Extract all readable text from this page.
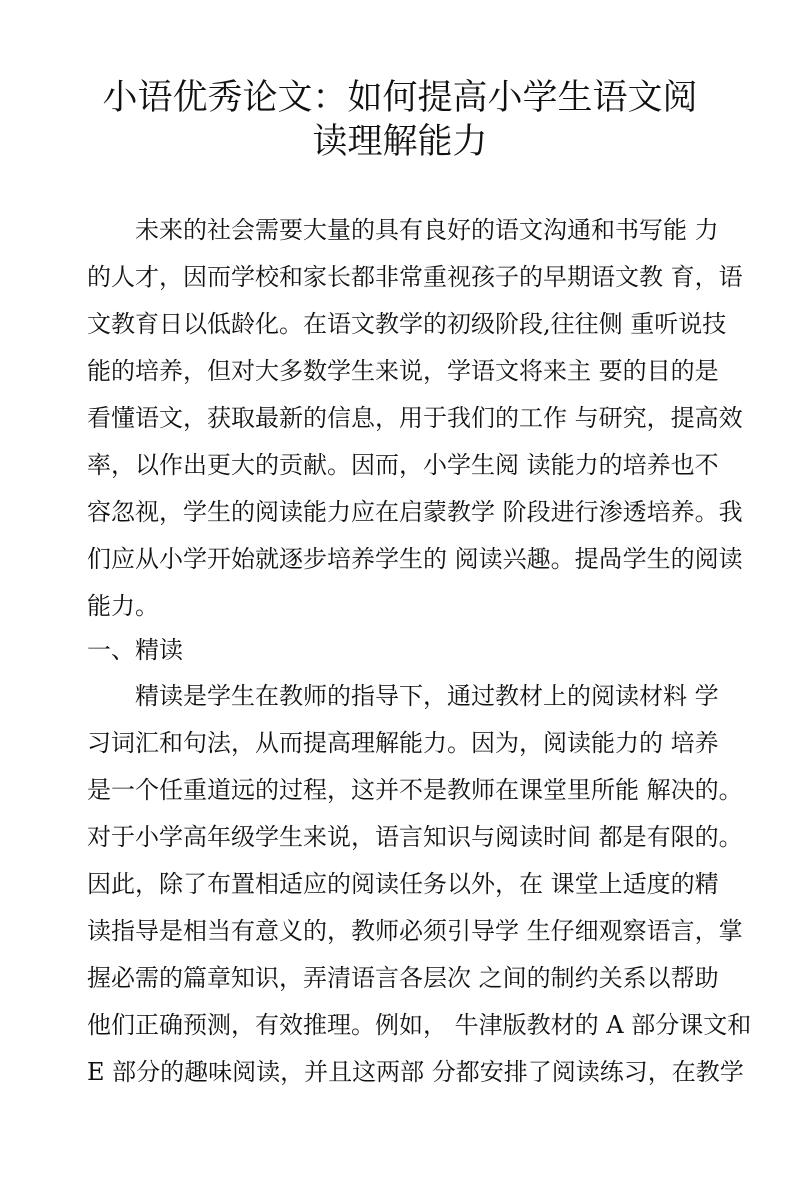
小语优秀论文：如何提高小学生语文阅
读理解能力

未来的社会需要大量的具有良好的语文沟通和书写能 力

的人才，因而学校和家长都非常重视孩子的早期语文教 育，语

文教育日以低龄化。在语文教学的初级阶段,往往侧 重听说技

能的培养，但对大多数学生来说，学语文将来主 要的目的是

看懂语文，获取最新的信息，用于我们的工作 与研究，提高效

率，以作出更大的贡献。因而，小学生阅 读能力的培养也不

容忽视，学生的阅读能力应在启蒙教学 阶段进行渗透培养。我

们应从小学开始就逐步培养学生的 阅读兴趣。提咼学生的阅读

能力。

一、精读

精读是学生在教师的指导下，通过教材上的阅读材料 学

习词汇和句法，从而提高理解能力。因为，阅读能力的 培养

是一个任重道远的过程，这并不是教师在课堂里所能 解决的。

对于小学高年级学生来说，语言知识与阅读时间 都是有限的。

因此，除了布置相适应的阅读任务以外，在 课堂上适度的精

读指导是相当有意义的，教师必须引导学 生仔细观察语言，掌

握必需的篇章知识，弄清语言各层次 之间的制约关系以帮助

他们正确预测，有效推理。例如， 牛津版教材的 A 部分课文和

E 部分的趣味阅读，并且这两部 分都安排了阅读练习，在教学
